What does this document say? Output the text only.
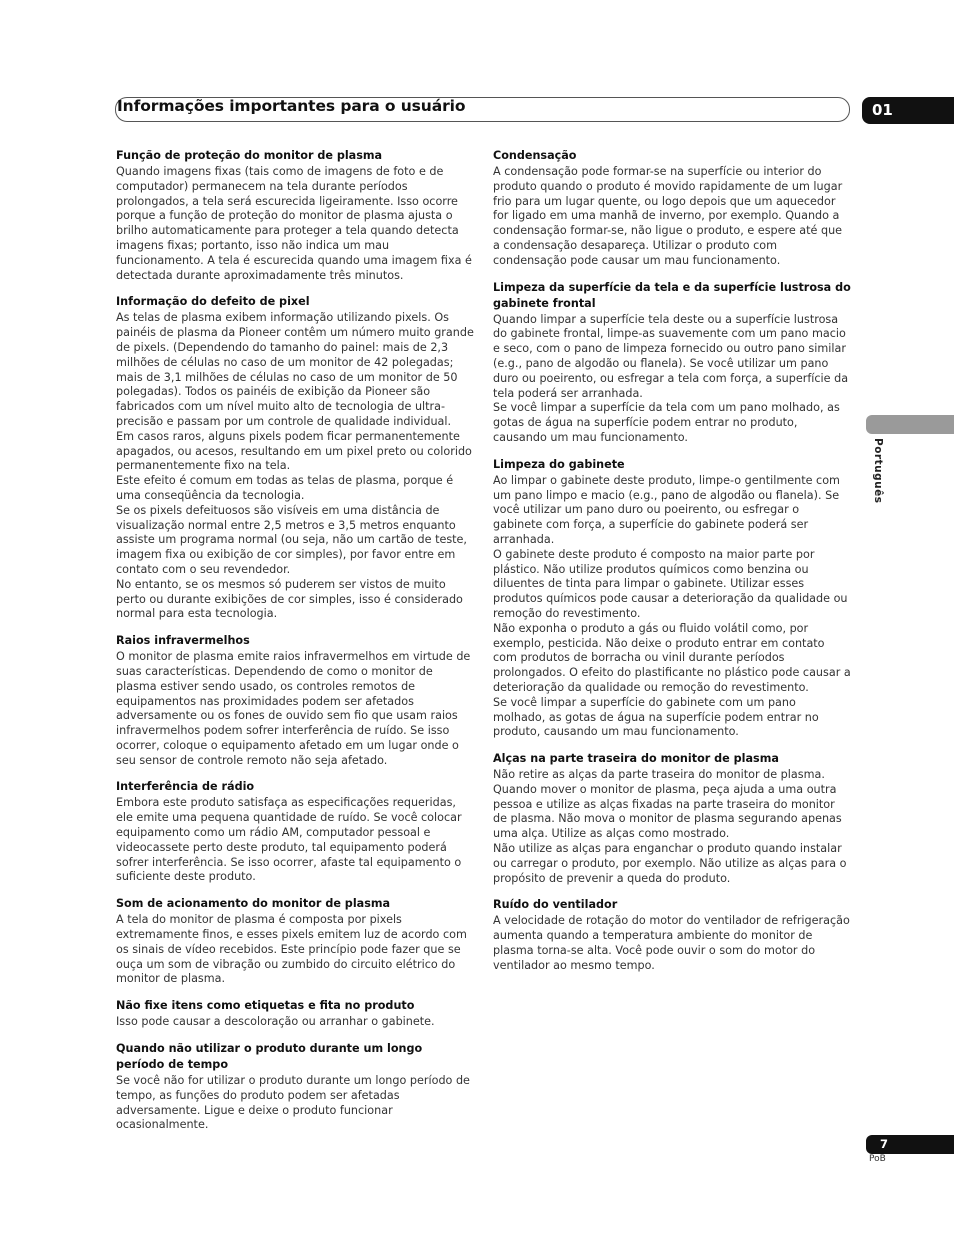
Informações importantes para o usuário	01
Português
Função de proteção do monitor de plasma

Quando imagens fixas (tais como de imagens de foto e de computador) permanecem na tela durante períodos prolongados, a tela será escurecida ligeiramente. Isso ocorre porque a função de proteção do monitor de plasma ajusta o brilho automaticamente para proteger a tela quando detecta imagens fixas; portanto, isso não indica um mau funcionamento. A tela é escurecida quando uma imagem fixa é detectada durante aproximadamente três minutos.

Informação do defeito de pixel

As telas de plasma exibem informação utilizando pixels. Os painéis de plasma da Pioneer contêm um número muito grande de pixels. (Dependendo do tamanho do painel: mais de 2,3 milhões de células no caso de um monitor de 42 polegadas; mais de 3,1 milhões de células no caso de um monitor de 50 polegadas). Todos os painéis de exibição da Pioneer são fabricados com um nível muito alto de tecnologia de ultra-precisão e passam por um controle de qualidade individual.

Em casos raros, alguns pixels podem ficar permanentemente apagados, ou acesos, resultando em um pixel preto ou colorido permanentemente fixo na tela.

Este efeito é comum em todas as telas de plasma, porque é uma conseqüência da tecnologia.

Se os pixels defeituosos são visíveis em uma distância de visualização normal entre 2,5 metros e 3,5 metros enquanto assiste um programa normal (ou seja, não um cartão de teste, imagem fixa ou exibição de cor simples), por favor entre em contato com o seu revendedor.

No entanto, se os mesmos só puderem ser vistos de muito perto ou durante exibições de cor simples, isso é considerado normal para esta tecnologia.

Raios infravermelhos

O monitor de plasma emite raios infravermelhos em virtude de suas características. Dependendo de como o monitor de plasma estiver sendo usado, os controles remotos de equipamentos nas proximidades podem ser afetados adversamente ou os fones de ouvido sem fio que usam raios infravermelhos podem sofrer interferência de ruído. Se isso ocorrer, coloque o equipamento afetado em um lugar onde o seu sensor de controle remoto não seja afetado.

Interferência de rádio

Embora este produto satisfaça as especificações requeridas, ele emite uma pequena quantidade de ruído. Se você colocar equipamento como um rádio AM, computador pessoal e videocassete perto deste produto, tal equipamento poderá sofrer interferência. Se isso ocorrer, afaste tal equipamento o suficiente deste produto.

Som de acionamento do monitor de plasma

A tela do monitor de plasma é composta por pixels extremamente finos, e esses pixels emitem luz de acordo com os sinais de vídeo recebidos. Este princípio pode fazer que se ouça um som de vibração ou zumbido do circuito elétrico do monitor de plasma.

Não fixe itens como etiquetas e fita no produto

Isso pode causar a descoloração ou arranhar o gabinete.

Quando não utilizar o produto durante um longo período de tempo

Se você não for utilizar o produto durante um longo período de tempo, as funções do produto podem ser afetadas adversamente. Ligue e deixe o produto funcionar ocasionalmente.

Condensação

A condensação pode formar-se na superfície ou interior do produto quando o produto é movido rapidamente de um lugar frio para um lugar quente, ou logo depois que um aquecedor for ligado em uma manhã de inverno, por exemplo. Quando a condensação formar-se, não ligue o produto, e espere até que a condensação desapareça. Utilizar o produto com condensação pode causar um mau funcionamento.

Limpeza da superfície da tela e da superfície lustrosa do gabinete frontal

Quando limpar a superfície tela deste ou a superfície lustrosa do gabinete frontal, limpe-as suavemente com um pano macio e seco, com o pano de limpeza fornecido ou outro pano similar (e.g., pano de algodão ou flanela). Se você utilizar um pano duro ou poeirento, ou esfregar a tela com força, a superfície da tela poderá ser arranhada.

Se você limpar a superfície da tela com um pano molhado, as gotas de água na superfície podem entrar no produto, causando um mau funcionamento.

Limpeza do gabinete

Ao limpar o gabinete deste produto, limpe-o gentilmente com um pano limpo e macio (e.g., pano de algodão ou flanela). Se você utilizar um pano duro ou poeirento, ou esfregar o gabinete com força, a superfície do gabinete poderá ser arranhada.

O gabinete deste produto é composto na maior parte por plástico. Não utilize produtos químicos como benzina ou diluentes de tinta para limpar o gabinete. Utilizar esses produtos químicos pode causar a deterioração da qualidade ou remoção do revestimento.

Não exponha o produto a gás ou fluido volátil como, por exemplo, pesticida. Não deixe o produto entrar em contato com produtos de borracha ou vinil durante períodos prolongados. O efeito do plastificante no plástico pode causar a deterioração da qualidade ou remoção do revestimento.

Se você limpar a superfície do gabinete com um pano molhado, as gotas de água na superfície podem entrar no produto, causando um mau funcionamento.

Alças na parte traseira do monitor de plasma

Não retire as alças da parte traseira do monitor de plasma.

Quando mover o monitor de plasma, peça ajuda a uma outra pessoa e utilize as alças fixadas na parte traseira do monitor de plasma. Não mova o monitor de plasma segurando apenas uma alça. Utilize as alças como mostrado.

Não utilize as alças para enganchar o produto quando instalar ou carregar o produto, por exemplo. Não utilize as alças para o propósito de prevenir a queda do produto.

Ruído do ventilador

A velocidade de rotação do motor do ventilador de refrigeração aumenta quando a temperatura ambiente do monitor de plasma torna-se alta. Você pode ouvir o som do motor do ventilador ao mesmo tempo.

7
PoB
